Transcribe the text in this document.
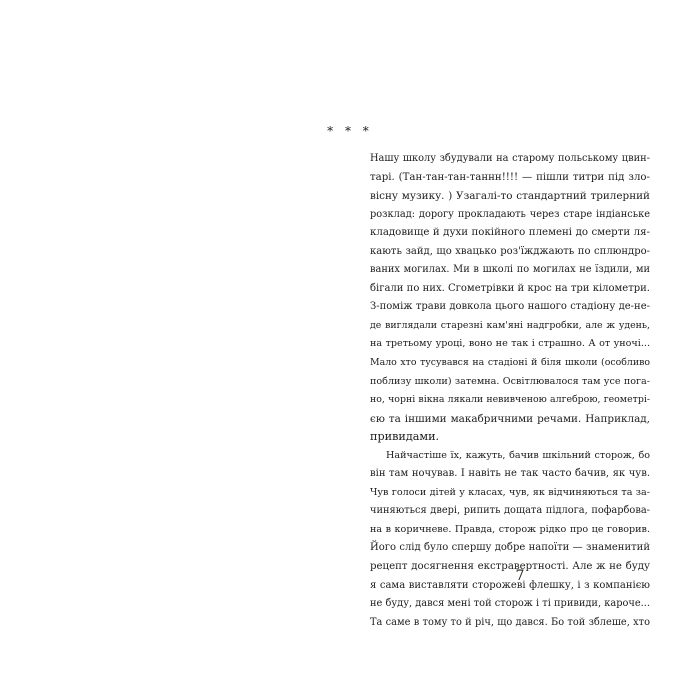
* * *
Нашу школу збудували на старому польському цвин-
тарі. (Тан-тан-тан-таннн!!!! — пішли титри під зло-
вісну музику. ) Узагалі-то стандартний трилерний
розклад: дорогу прокладають через старе індіанське
кладовище й духи покійного племені до смерти ля-
кають зайд, що хвацько роз'їжджають по сплюндро-
ваних могилах. Ми в школі по могилах не їздили, ми
бігали по них. Сгометрівки й крос на три кілометри.
З-поміж трави довкола цього нашого стадіону де-не-
де виглядали старезні кам'яні надгробки, але ж удень,
на третьому уроці, воно не так і страшно. А от уночі...
Мало хто тусувався на стадіоні й біля школи (особливо
поблизу школи) затемна. Освітлювалося там усе пога-
но, чорні вікна лякали невивченою алгеброю, геометрі-
єю та іншими макабричними речами. Наприклад,
привидами.
Найчастіше їх, кажуть, бачив шкільний сторож, бо
він там ночував. І навіть не так часто бачив, як чув.
Чув голоси дітей у класах, чув, як відчиняються та за-
чиняються двері, рипить дощата підлога, пофарбова-
на в коричневе. Правда, сторож рідко про це говорив.
Його слід було спершу добре напоїти — знаменитий
рецепт досягнення екстравертності. Але ж не буду
я сама виставляти сторожеві флешку, і з компанією
не буду, дався мені той сторож і ті привиди, кароче...
Та саме в тому то й річ, що дався. Бо той зблеше, хто
7
